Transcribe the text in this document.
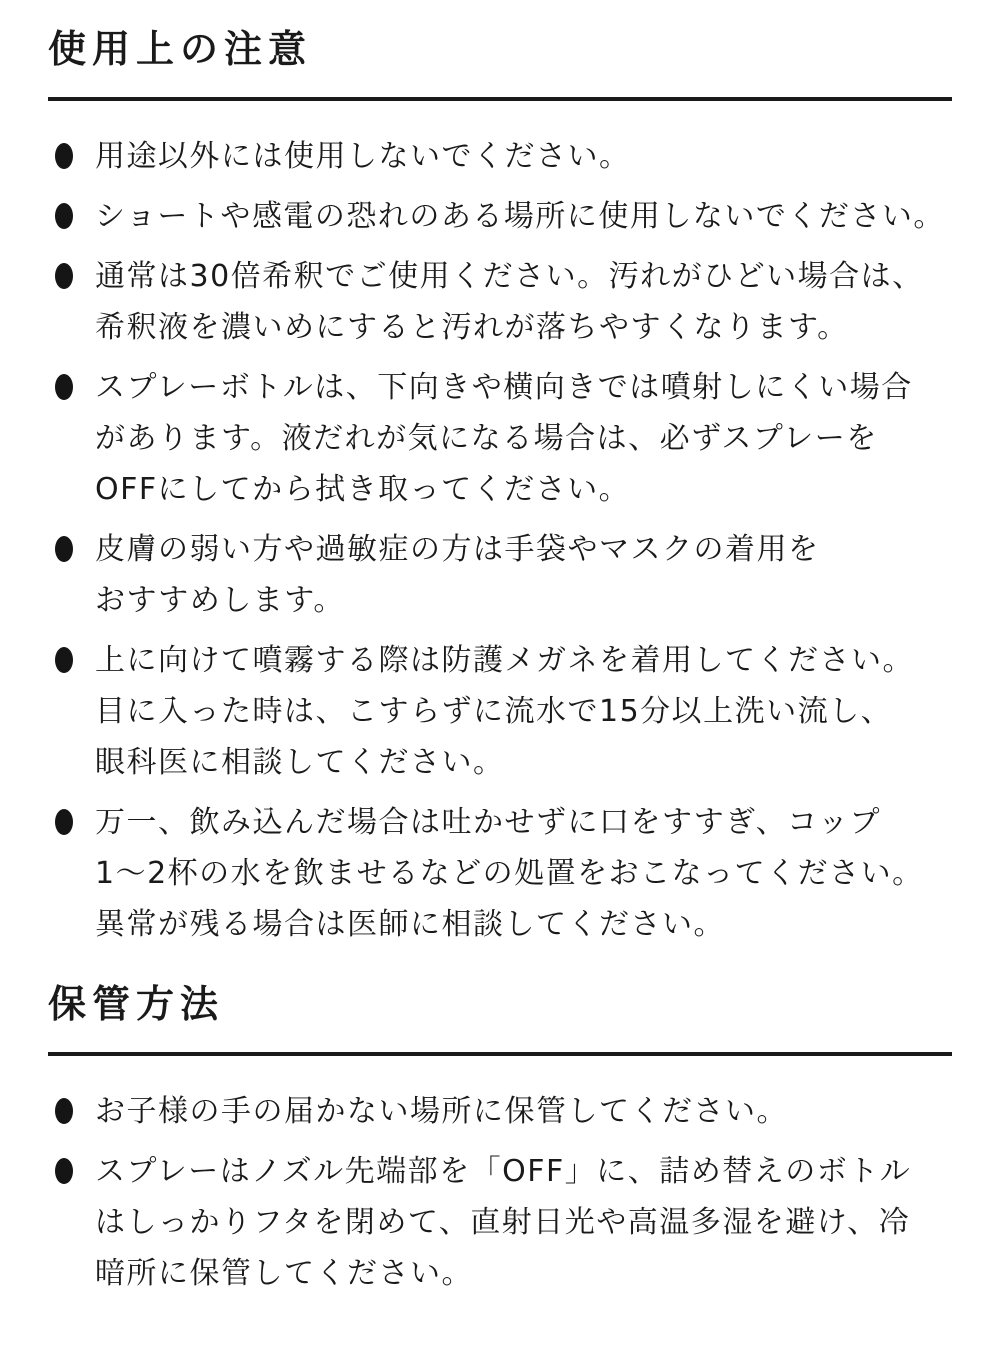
使用上の注意
用途以外には使用しないでください。
ショートや感電の恐れのある場所に使用しないでください。
通常は30倍希釈でご使用ください。汚れがひどい場合は、
希釈液を濃いめにすると汚れが落ちやすくなります。
スプレーボトルは、下向きや横向きでは噴射しにくい場合
があります。液だれが気になる場合は、必ずスプレーを
OFFにしてから拭き取ってください。
皮膚の弱い方や過敏症の方は手袋やマスクの着用を
おすすめします。
上に向けて噴霧する際は防護メガネを着用してください。
目に入った時は、こすらずに流水で15分以上洗い流し、
眼科医に相談してください。
万一、飲み込んだ場合は吐かせずに口をすすぎ、コップ
1〜2杯の水を飲ませるなどの処置をおこなってください。
異常が残る場合は医師に相談してください。
保管方法
お子様の手の届かない場所に保管してください。
スプレーはノズル先端部を「OFF」に、詰め替えのボトル
はしっかりフタを閉めて、直射日光や高温多湿を避け、冷
暗所に保管してください。
